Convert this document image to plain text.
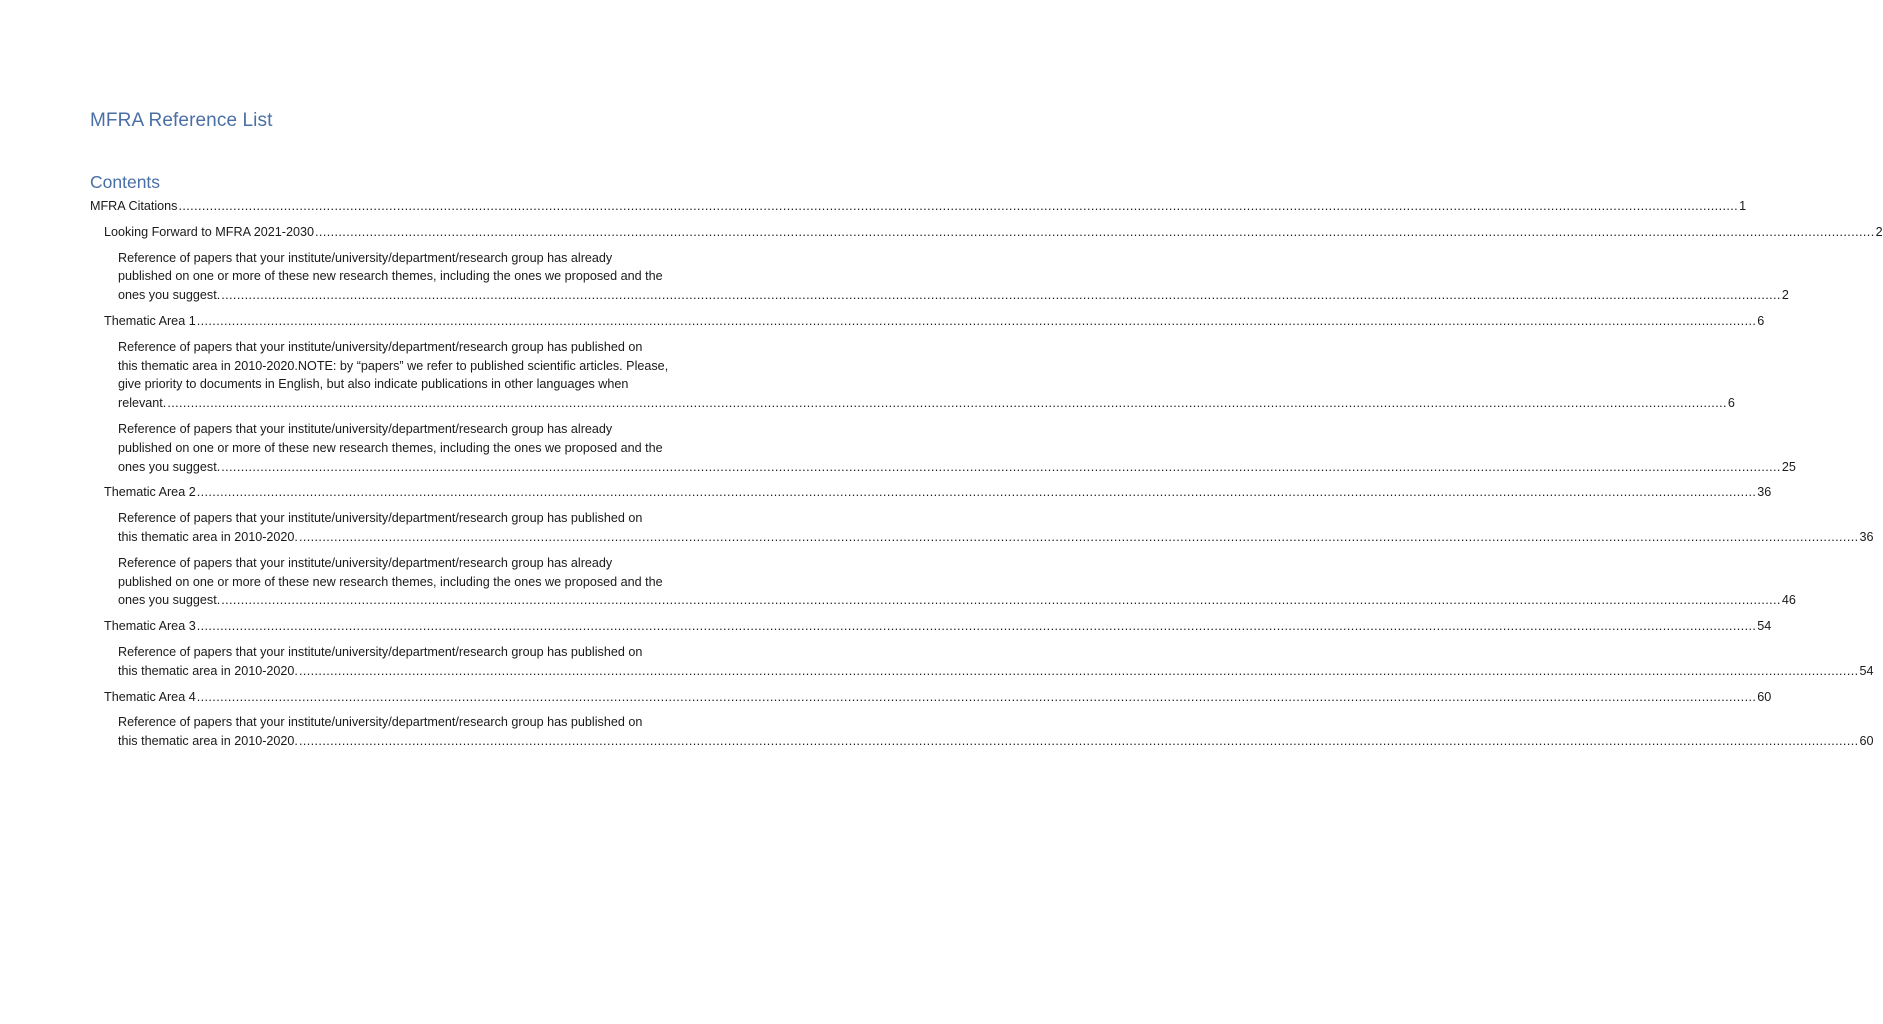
MFRA Reference List
Contents
MFRA Citations ................................................................................................................................................................................................................................................................................................................................................................................................................ 1
Looking Forward to MFRA 2021-2030 ................................................................................................................................................................................................................................................................................................................................................................................................................ 2
Reference of papers that your institute/university/department/research group has already
published on one or more of these new research themes, including the ones we proposed and the
ones you suggest. ................................................................................................................................................................................................................................................................................................................................................................................................................ 2
Thematic Area 1 ................................................................................................................................................................................................................................................................................................................................................................................................................ 6
Reference of papers that your institute/university/department/research group has published on
this thematic area in 2010-2020.NOTE: by “papers” we refer to published scientific articles. Please,
give priority to documents in English, but also indicate publications in other languages when
relevant. ................................................................................................................................................................................................................................................................................................................................................................................................................ 6
Reference of papers that your institute/university/department/research group has already
published on one or more of these new research themes, including the ones we proposed and the
ones you suggest. ................................................................................................................................................................................................................................................................................................................................................................................................................ 25
Thematic Area 2 ................................................................................................................................................................................................................................................................................................................................................................................................................ 36
Reference of papers that your institute/university/department/research group has published on
this thematic area in 2010-2020. ................................................................................................................................................................................................................................................................................................................................................................................................................ 36
Reference of papers that your institute/university/department/research group has already
published on one or more of these new research themes, including the ones we proposed and the
ones you suggest. ................................................................................................................................................................................................................................................................................................................................................................................................................ 46
Thematic Area 3 ................................................................................................................................................................................................................................................................................................................................................................................................................ 54
Reference of papers that your institute/university/department/research group has published on
this thematic area in 2010-2020. ................................................................................................................................................................................................................................................................................................................................................................................................................ 54
Thematic Area 4 ................................................................................................................................................................................................................................................................................................................................................................................................................ 60
Reference of papers that your institute/university/department/research group has published on
this thematic area in 2010-2020. ................................................................................................................................................................................................................................................................................................................................................................................................................ 60
